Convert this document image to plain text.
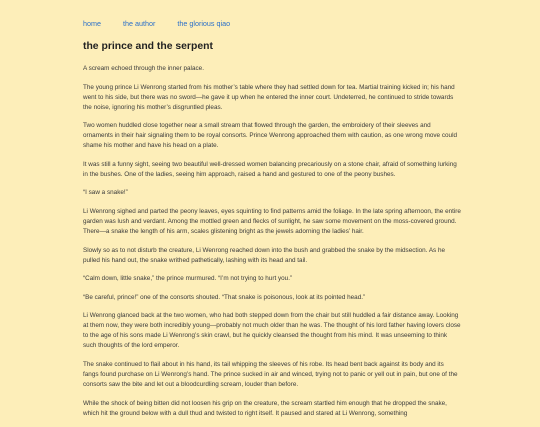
home	the author	the glorious qiao
the prince and the serpent

A scream echoed through the inner palace.

The young prince Li Wenrong started from his mother’s table where they had settled down for tea. Martial training kicked in; his hand went to his side, but there was no sword—he gave it up when he entered the inner court. Undeterred, he continued to stride towards the noise, ignoring his mother’s disgruntled pleas.

Two women huddled close together near a small stream that flowed through the garden, the embroidery of their sleeves and ornaments in their hair signaling them to be royal consorts. Prince Wenrong approached them with caution, as one wrong move could shame his mother and have his head on a plate.

It was still a funny sight, seeing two beautiful well-dressed women balancing precariously on a stone chair, afraid of something lurking in the bushes. One of the ladies, seeing him approach, raised a hand and gestured to one of the peony bushes.

“I saw a snake!”

Li Wenrong sighed and parted the peony leaves, eyes squinting to find patterns amid the foliage. In the late spring afternoon, the entire garden was lush and verdant. Among the mottled green and flecks of sunlight, he saw some movement on the moss-covered ground. There—a snake the length of his arm, scales glistening bright as the jewels adorning the ladies’ hair.

Slowly so as to not disturb the creature, Li Wenrong reached down into the bush and grabbed the snake by the midsection. As he pulled his hand out, the snake writhed pathetically, lashing with its head and tail.

“Calm down, little snake,” the prince murmured. “I’m not trying to hurt you.”

“Be careful, prince!” one of the consorts shouted. “That snake is poisonous, look at its pointed head.”

Li Wenrong glanced back at the two women, who had both stepped down from the chair but still huddled a fair distance away. Looking at them now, they were both incredibly young—probably not much older than he was. The thought of his lord father having lovers close to the age of his sons made Li Wenrong’s skin crawl, but he quickly cleansed the thought from his mind. It was unseeming to think such thoughts of the lord emperor.

The snake continued to flail about in his hand, its tail whipping the sleeves of his robe. Its head bent back against its body and its fangs found purchase on Li Wenrong’s hand. The prince sucked in air and winced, trying not to panic or yell out in pain, but one of the consorts saw the bite and let out a bloodcurdling scream, louder than before.

While the shock of being bitten did not loosen his grip on the creature, the scream startled him enough that he dropped the snake, which hit the ground below with a dull thud and twisted to right itself. It paused and stared at Li Wenrong, something
